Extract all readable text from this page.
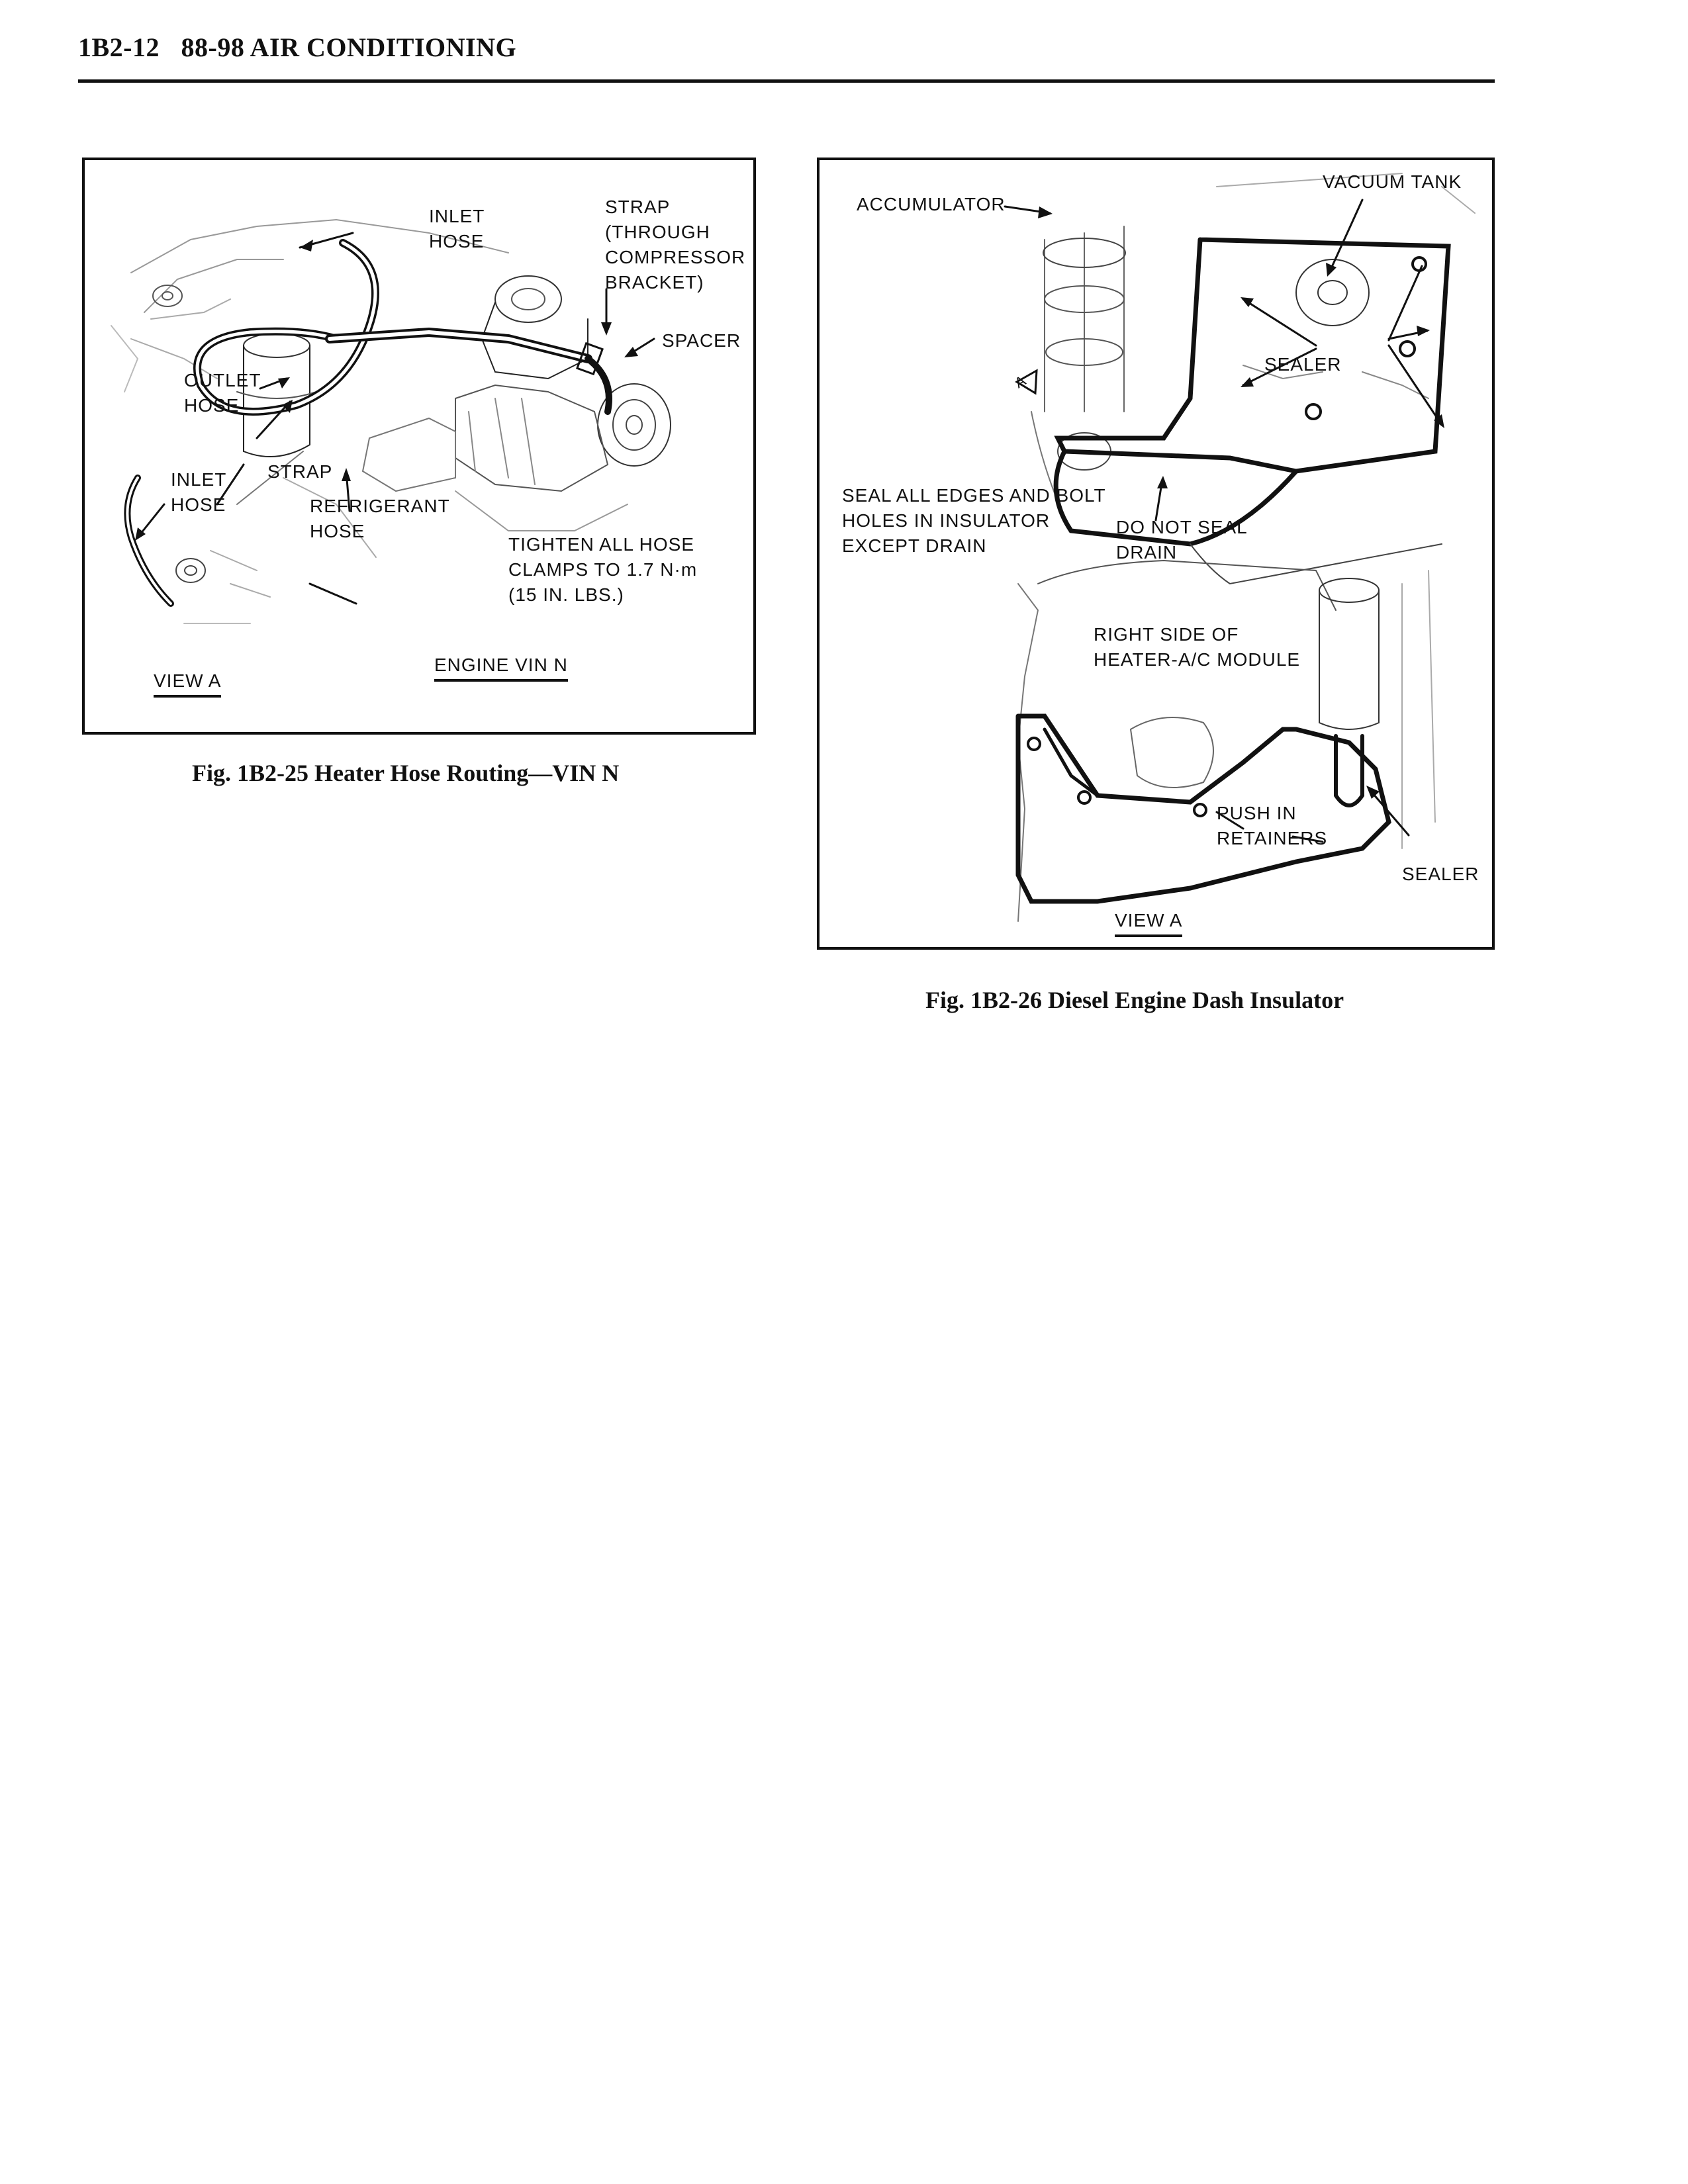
1B2-12 88-98 AIR CONDITIONING
INLET
HOSE
STRAP
(THROUGH
COMPRESSOR
BRACKET)
SPACER
OUTLET
HOSE
INLET
HOSE
STRAP
REFRIGERANT
HOSE
TIGHTEN ALL HOSE
CLAMPS TO 1.7 N·m
(15 IN. LBS.)
VIEW A
ENGINE VIN N
Fig. 1B2-25 Heater Hose Routing—VIN N
ACCUMULATOR
VACUUM TANK
SEALER
A
SEAL ALL EDGES AND BOLT
HOLES IN INSULATOR
EXCEPT DRAIN
DO NOT SEAL
DRAIN
RIGHT SIDE OF
HEATER-A/C MODULE
PUSH IN
RETAINERS
SEALER
VIEW A
Fig. 1B2-26 Diesel Engine Dash Insulator
